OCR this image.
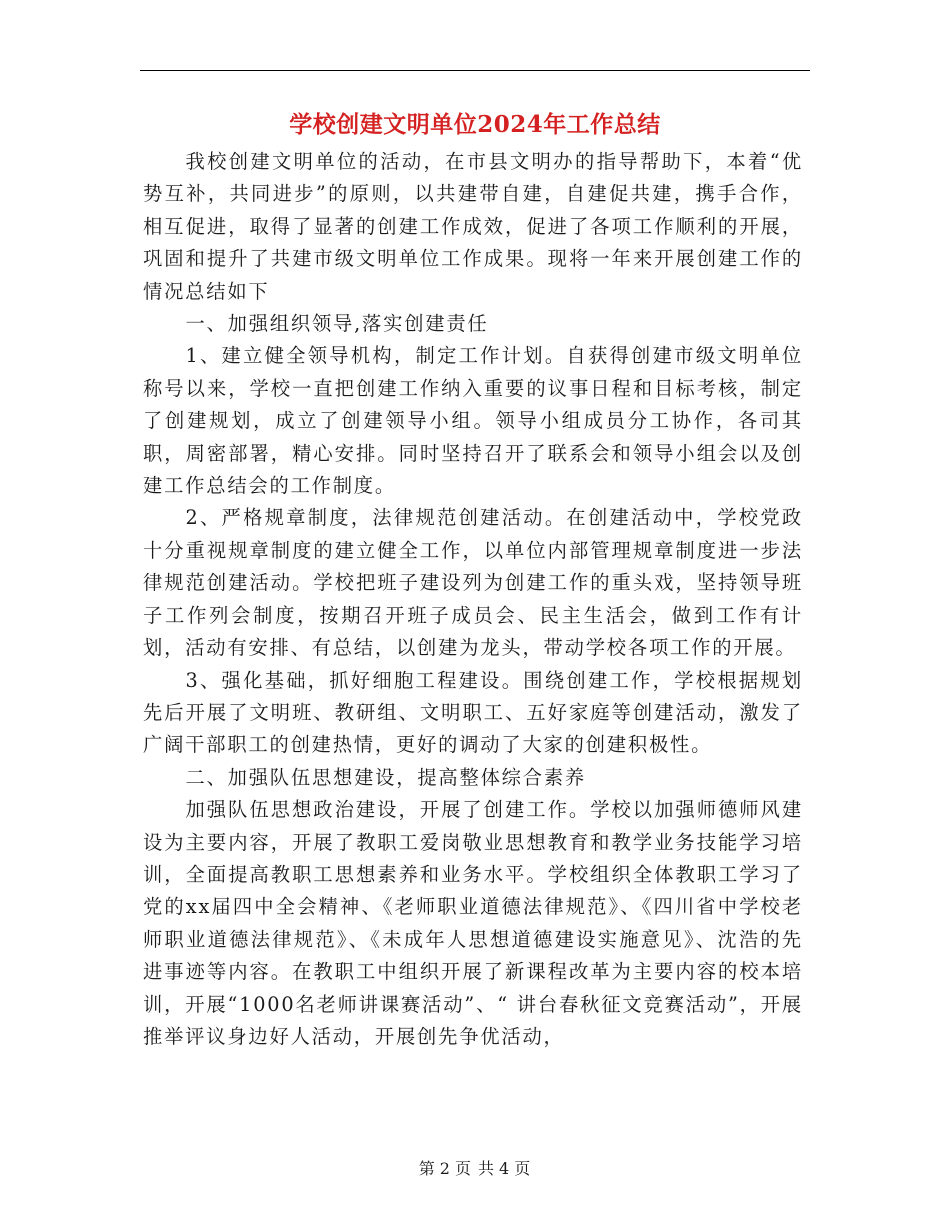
学校创建文明单位2024年工作总结

我校创建文明单位的活动，在市县文明办的指导帮助下，本着“优势互补，共同进步”的原则，以共建带自建，自建促共建，携手合作，相互促进，取得了显著的创建工作成效，促进了各项工作顺利的开展，巩固和提升了共建市级文明单位工作成果。现将一年来开展创建工作的情况总结如下

一、加强组织领导,落实创建责任

1、建立健全领导机构，制定工作计划。自获得创建市级文明单位称号以来，学校一直把创建工作纳入重要的议事日程和目标考核，制定了创建规划，成立了创建领导小组。领导小组成员分工协作，各司其职，周密部署，精心安排。同时坚持召开了联系会和领导小组会以及创建工作总结会的工作制度。

2、严格规章制度，法律规范创建活动。在创建活动中，学校党政十分重视规章制度的建立健全工作，以单位内部管理规章制度进一步法律规范创建活动。学校把班子建设列为创建工作的重头戏，坚持领导班子工作列会制度，按期召开班子成员会、民主生活会，做到工作有计划，活动有安排、有总结，以创建为龙头，带动学校各项工作的开展。

3、强化基础，抓好细胞工程建设。围绕创建工作，学校根据规划先后开展了文明班、教研组、文明职工、五好家庭等创建活动，激发了广阔干部职工的创建热情，更好的调动了大家的创建积极性。

二、加强队伍思想建设，提高整体综合素养

加强队伍思想政治建设，开展了创建工作。学校以加强师德师风建设为主要内容，开展了教职工爱岗敬业思想教育和教学业务技能学习培训，全面提高教职工思想素养和业务水平。学校组织全体教职工学习了党的xx届四中全会精神、《老师职业道德法律规范》、《四川省中学校老师职业道德法律规范》、《未成年人思想道德建设实施意见》、沈浩的先进事迹等内容。在教职工中组织开展了新课程改革为主要内容的校本培训，开展“1000名老师讲课赛活动”、“ 讲台春秋征文竞赛活动”，开展推举评议身边好人活动，开展创先争优活动，

第 2 页 共 4 页
